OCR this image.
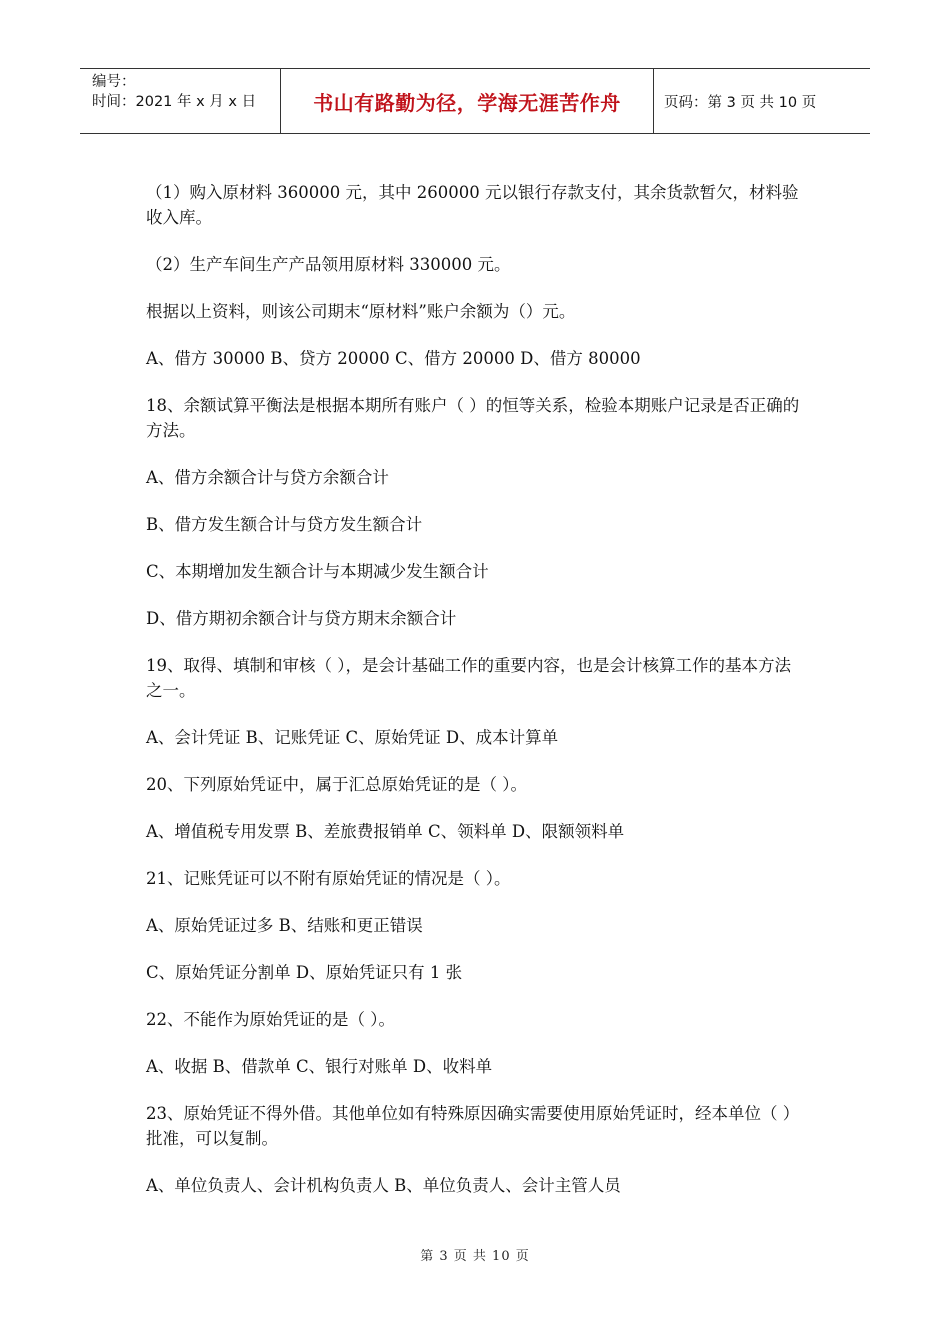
编号：
时间：2021 年 x 月 x 日	书山有路勤为径，学海无涯苦作舟	页码：第 3 页 共 10 页

（1）购入原材料 360000 元，其中 260000 元以银行存款支付，其余货款暂欠，材料验收入库。

（2）生产车间生产产品领用原材料 330000 元。

根据以上资料，则该公司期末“原材料”账户余额为（）元。

A、借方 30000 B、贷方 20000 C、借方 20000 D、借方 80000

18、余额试算平衡法是根据本期所有账户（ ）的恒等关系，检验本期账户记录是否正确的方法。

A、借方余额合计与贷方余额合计

B、借方发生额合计与贷方发生额合计

C、本期增加发生额合计与本期减少发生额合计

D、借方期初余额合计与贷方期末余额合计

19、取得、填制和审核（ ），是会计基础工作的重要内容，也是会计核算工作的基本方法之一。

A、会计凭证 B、记账凭证 C、原始凭证 D、成本计算单

20、下列原始凭证中，属于汇总原始凭证的是（ ）。

A、增值税专用发票 B、差旅费报销单 C、领料单 D、限额领料单

21、记账凭证可以不附有原始凭证的情况是（ ）。

A、原始凭证过多 B、结账和更正错误

C、原始凭证分割单 D、原始凭证只有 1 张

22、不能作为原始凭证的是（ ）。

A、收据 B、借款单 C、银行对账单 D、收料单

23、原始凭证不得外借。其他单位如有特殊原因确实需要使用原始凭证时，经本单位（ ）批准，可以复制。

A、单位负责人、会计机构负责人 B、单位负责人、会计主管人员

第 3 页 共 10 页
